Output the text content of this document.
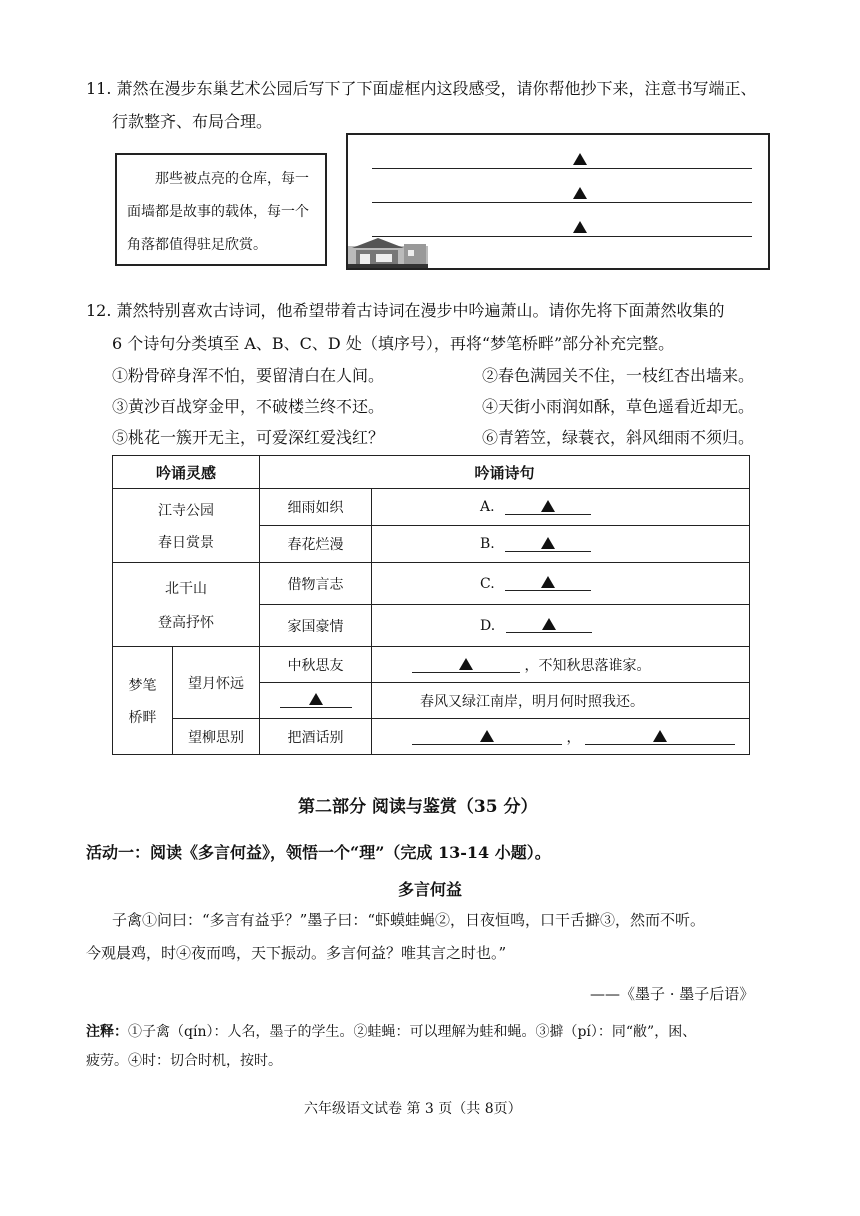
11. 萧然在漫步东巢艺术公园后写下了下面虚框内这段感受，请你帮他抄下来，注意书写端正、
行款整齐、布局合理。
那些被点亮的仓库，每一
面墙都是故事的载体，每一个
角落都值得驻足欣赏。
12. 萧然特别喜欢古诗词，他希望带着古诗词在漫步中吟遍萧山。请你先将下面萧然收集的
6 个诗句分类填至 A、B、C、D 处（填序号），再将“梦笔桥畔”部分补充完整。
①粉骨碎身浑不怕，要留清白在人间。	②春色满园关不住，一枝红杏出墙来。
③黄沙百战穿金甲，不破楼兰终不还。	④天街小雨润如酥，草色遥看近却无。
⑤桃花一簇开无主，可爱深红爱浅红？	⑥青箬笠，绿蓑衣，斜风细雨不须归。
吟诵灵感		吟诵诗句	

江寺公园
春日赏景		细雨如织	A.

		春花烂漫	B.

北干山
登高抒怀		借物言志	C.

		家国豪情	D.

梦笔
桥畔	望月怀远	中秋思友	，不知秋思落谁家。

			春风又绿江南岸，明月何时照我还。
	望柳思别	把酒话别	，
第二部分 阅读与鉴赏（35 分）
活动一：阅读《多言何益》，领悟一个“理”（完成 13-14 小题）。
多言何益
子禽①问曰：“多言有益乎？”墨子曰：“虾蟆蛙蝇②，日夜恒鸣，口干舌擗③，然而不听。
今观晨鸡，时④夜而鸣，天下振动。多言何益？唯其言之时也。”
——《墨子 · 墨子后语》
注释：①子禽（qín）：人名，墨子的学生。②蛙蝇：可以理解为蛙和蝇。③擗（pí）：同“敝”，困、
疲劳。④时：切合时机，按时。
六年级语文试卷 第 3 页（共 8页）
